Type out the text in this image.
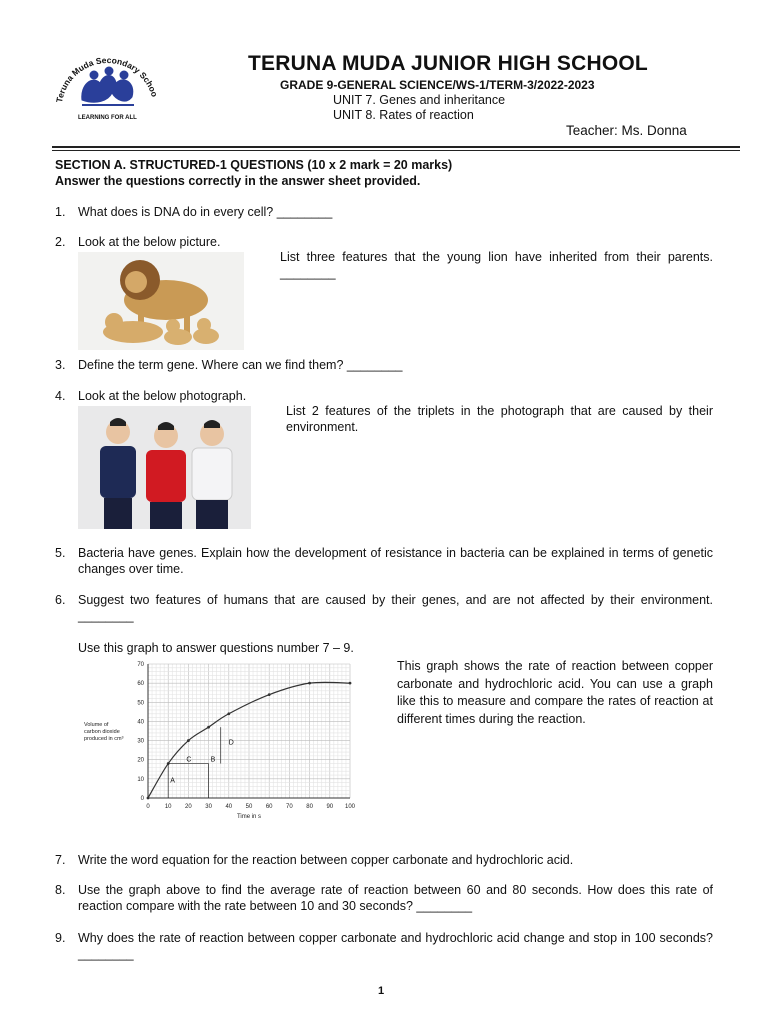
Teruna Muda Secondary Schoo
LEARNING FOR ALL
TERUNA MUDA JUNIOR HIGH SCHOOL
GRADE 9-GENERAL SCIENCE/WS-1/TERM-3/2022-2023
UNIT 7. Genes and inheritance
UNIT 8. Rates of reaction
Teacher: Ms. Donna
SECTION A. STRUCTURED-1 QUESTIONS (10 x 2 mark = 20 marks)
Answer the questions correctly in the answer sheet provided.
1. What does is DNA do in every cell? ________
2. Look at the below picture.
List three features that the young lion have inherited from their parents. ________
3. Define the term gene. Where can we find them? ________
4. Look at the below photograph.
List 2 features of the triplets in the photograph that are caused by their environment.
5. Bacteria have genes. Explain how the development of resistance in bacteria can be explained in terms of genetic changes over time.
6. Suggest two features of humans that are caused by their genes, and are not affected by their environment. ________
Use this graph to answer questions number 7 – 9.
0	10 20 30 40 50 60 70 80 90 100
0
10
20
30
40
50
60
70
Time in s
Volume of
carbon dioxide
produced in cm³
A
B
C
D
This graph shows the rate of reaction between copper carbonate and hydrochloric acid. You can use a graph like this to measure and compare the rates of reaction at different times during the reaction.
7. Write the word equation for the reaction between copper carbonate and hydrochloric acid.
8. Use the graph above to find the average rate of reaction between 60 and 80 seconds. How does this rate of reaction compare with the rate between 10 and 30 seconds? ________
9. Why does the rate of reaction between copper carbonate and hydrochloric acid change and stop in 100 seconds? ________
1
